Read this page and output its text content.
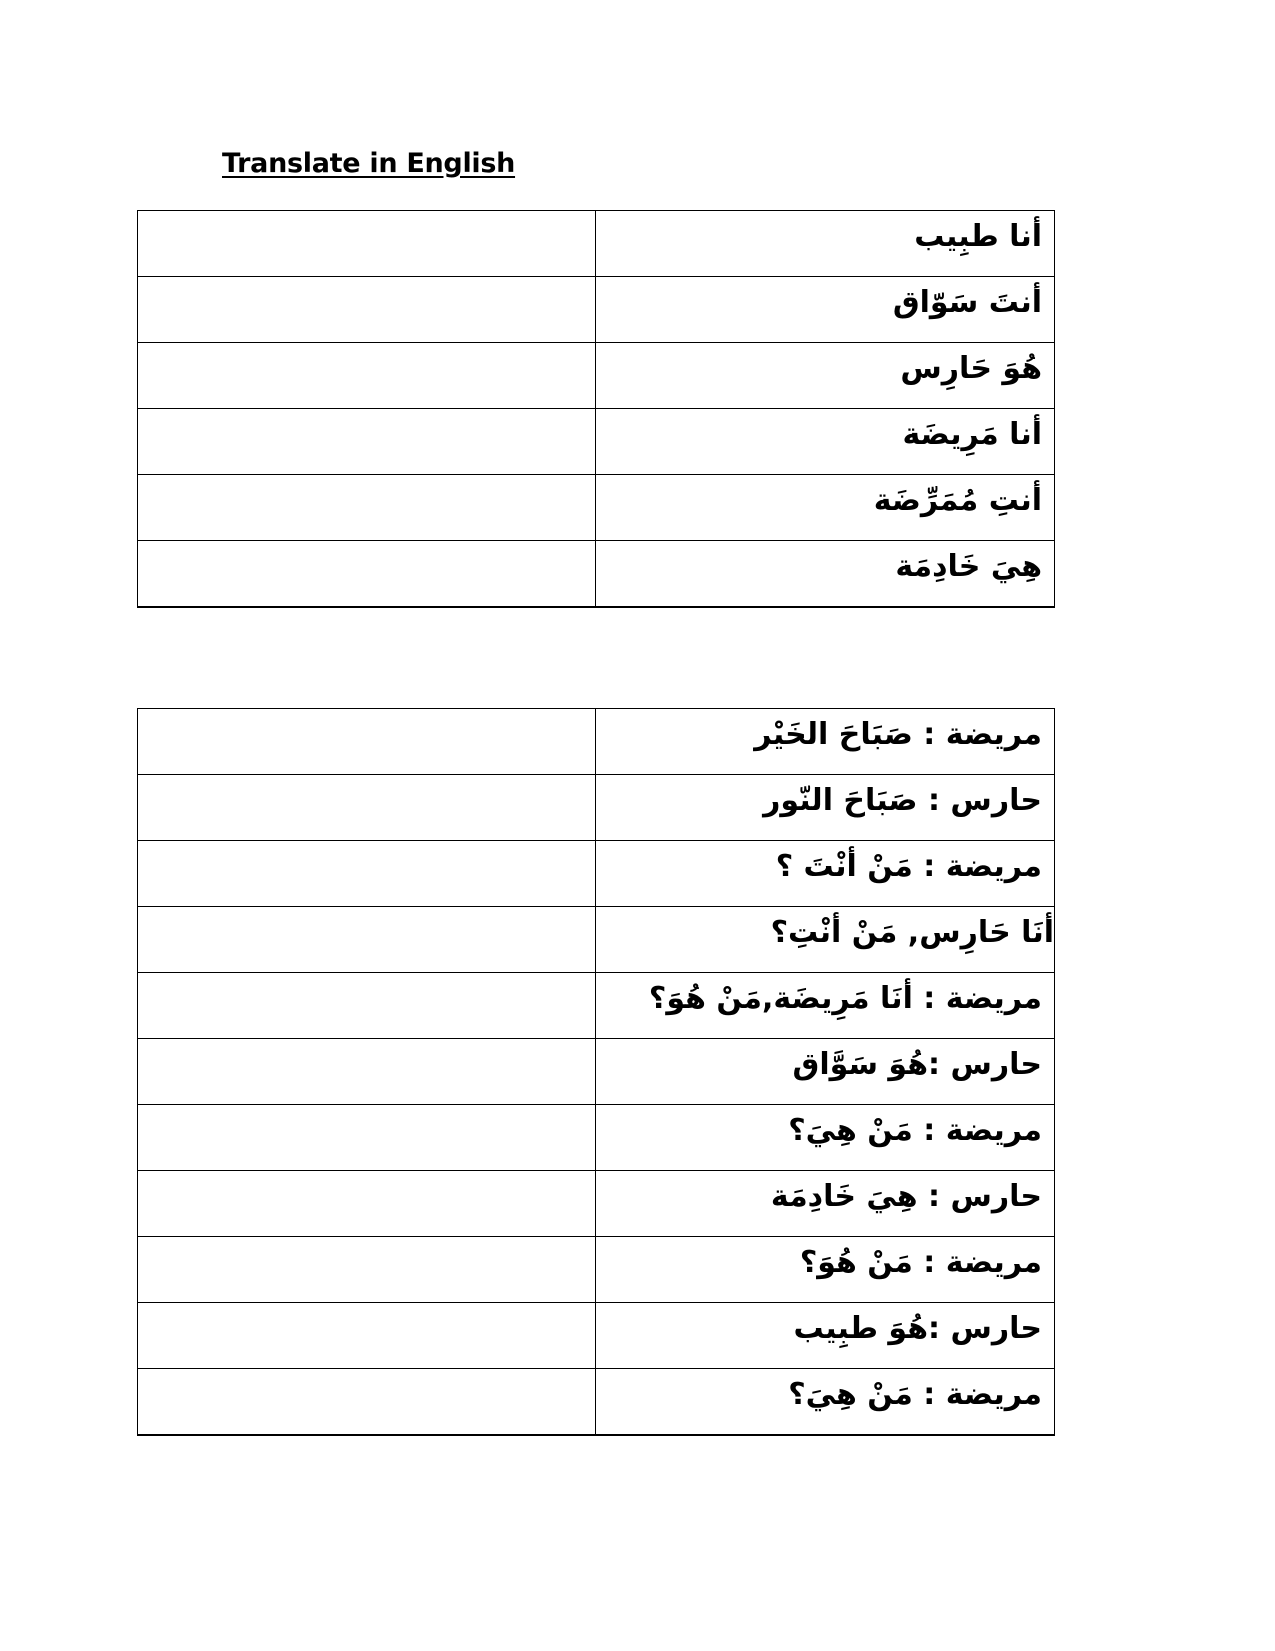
Translate in English
	أنا طبِيب
	أنتَ سَوّاق
	هُوَ حَارِس
	أنا مَرِيضَة
	أنتِ مُمَرِّضَة
	هِيَ خَادِمَة
	مريضة : صَبَاحَ الخَيْر
	حارس : صَبَاحَ النّور
	مريضة : مَنْ أنْتَ ؟
	أنَا حَارِس, مَنْ أنْتِ؟
	مريضة : أنَا مَرِيضَة,مَنْ هُوَ؟
	حارس :هُوَ سَوَّاق
	مريضة : مَنْ هِيَ؟
	حارس : هِيَ خَادِمَة
	مريضة : مَنْ هُوَ؟
	حارس :هُوَ طبِيب
	مريضة : مَنْ هِيَ؟
